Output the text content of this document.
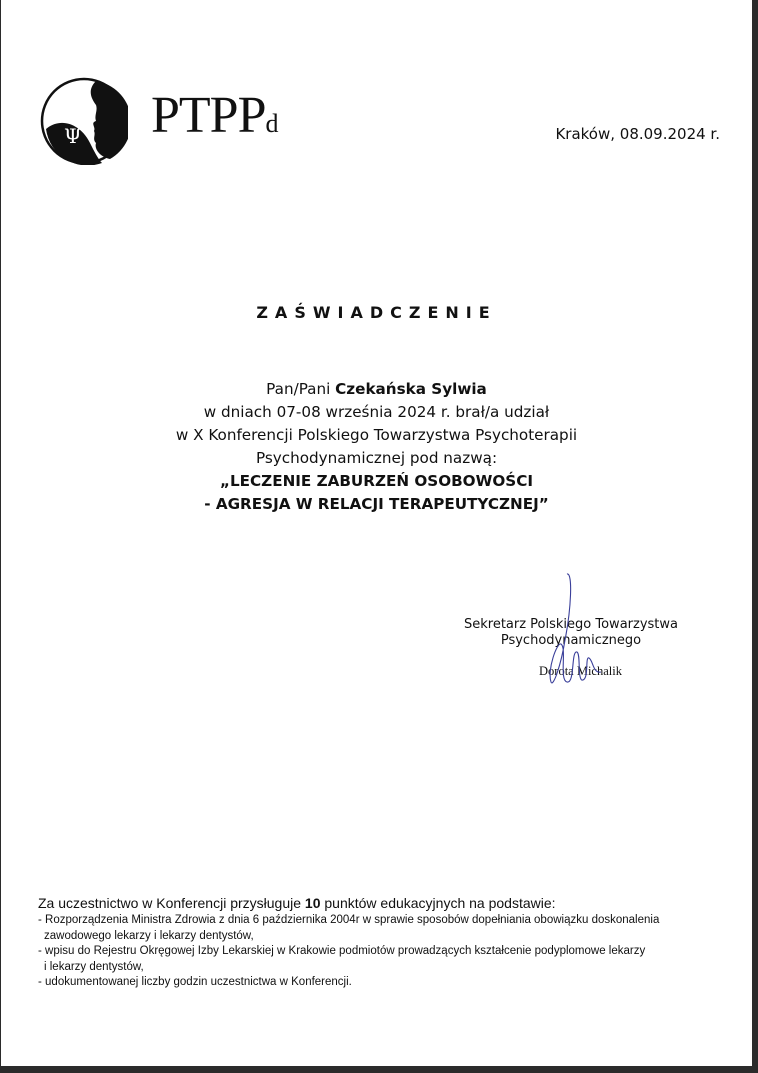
Ψ PTPPd	Kraków, 08.09.2024 r.
ZAŚWIADCZENIE
Pan/Pani Czekańska Sylwia
w dniach 07-08 września 2024 r. brał/a udział
w X Konferencji Polskiego Towarzystwa Psychoterapii
Psychodynamicznej pod nazwą:
„LECZENIE ZABURZEŃ OSOBOWOŚCI
- AGRESJA W RELACJI TERAPEUTYCZNEJ”
Sekretarz Polskiego Towarzystwa
Psychodynamicznego
Dorota Michalik
Za uczestnictwo w Konferencji przysługuje 10 punktów edukacyjnych na podstawie:
- Rozporządzenia Ministra Zdrowia z dnia 6 października 2004r w sprawie sposobów dopełniania obowiązku doskonalenia
zawodowego lekarzy i lekarzy dentystów,
- wpisu do Rejestru Okręgowej Izby Lekarskiej w Krakowie podmiotów prowadzących kształcenie podyplomowe lekarzy
i lekarzy dentystów,
- udokumentowanej liczby godzin uczestnictwa w Konferencji.
